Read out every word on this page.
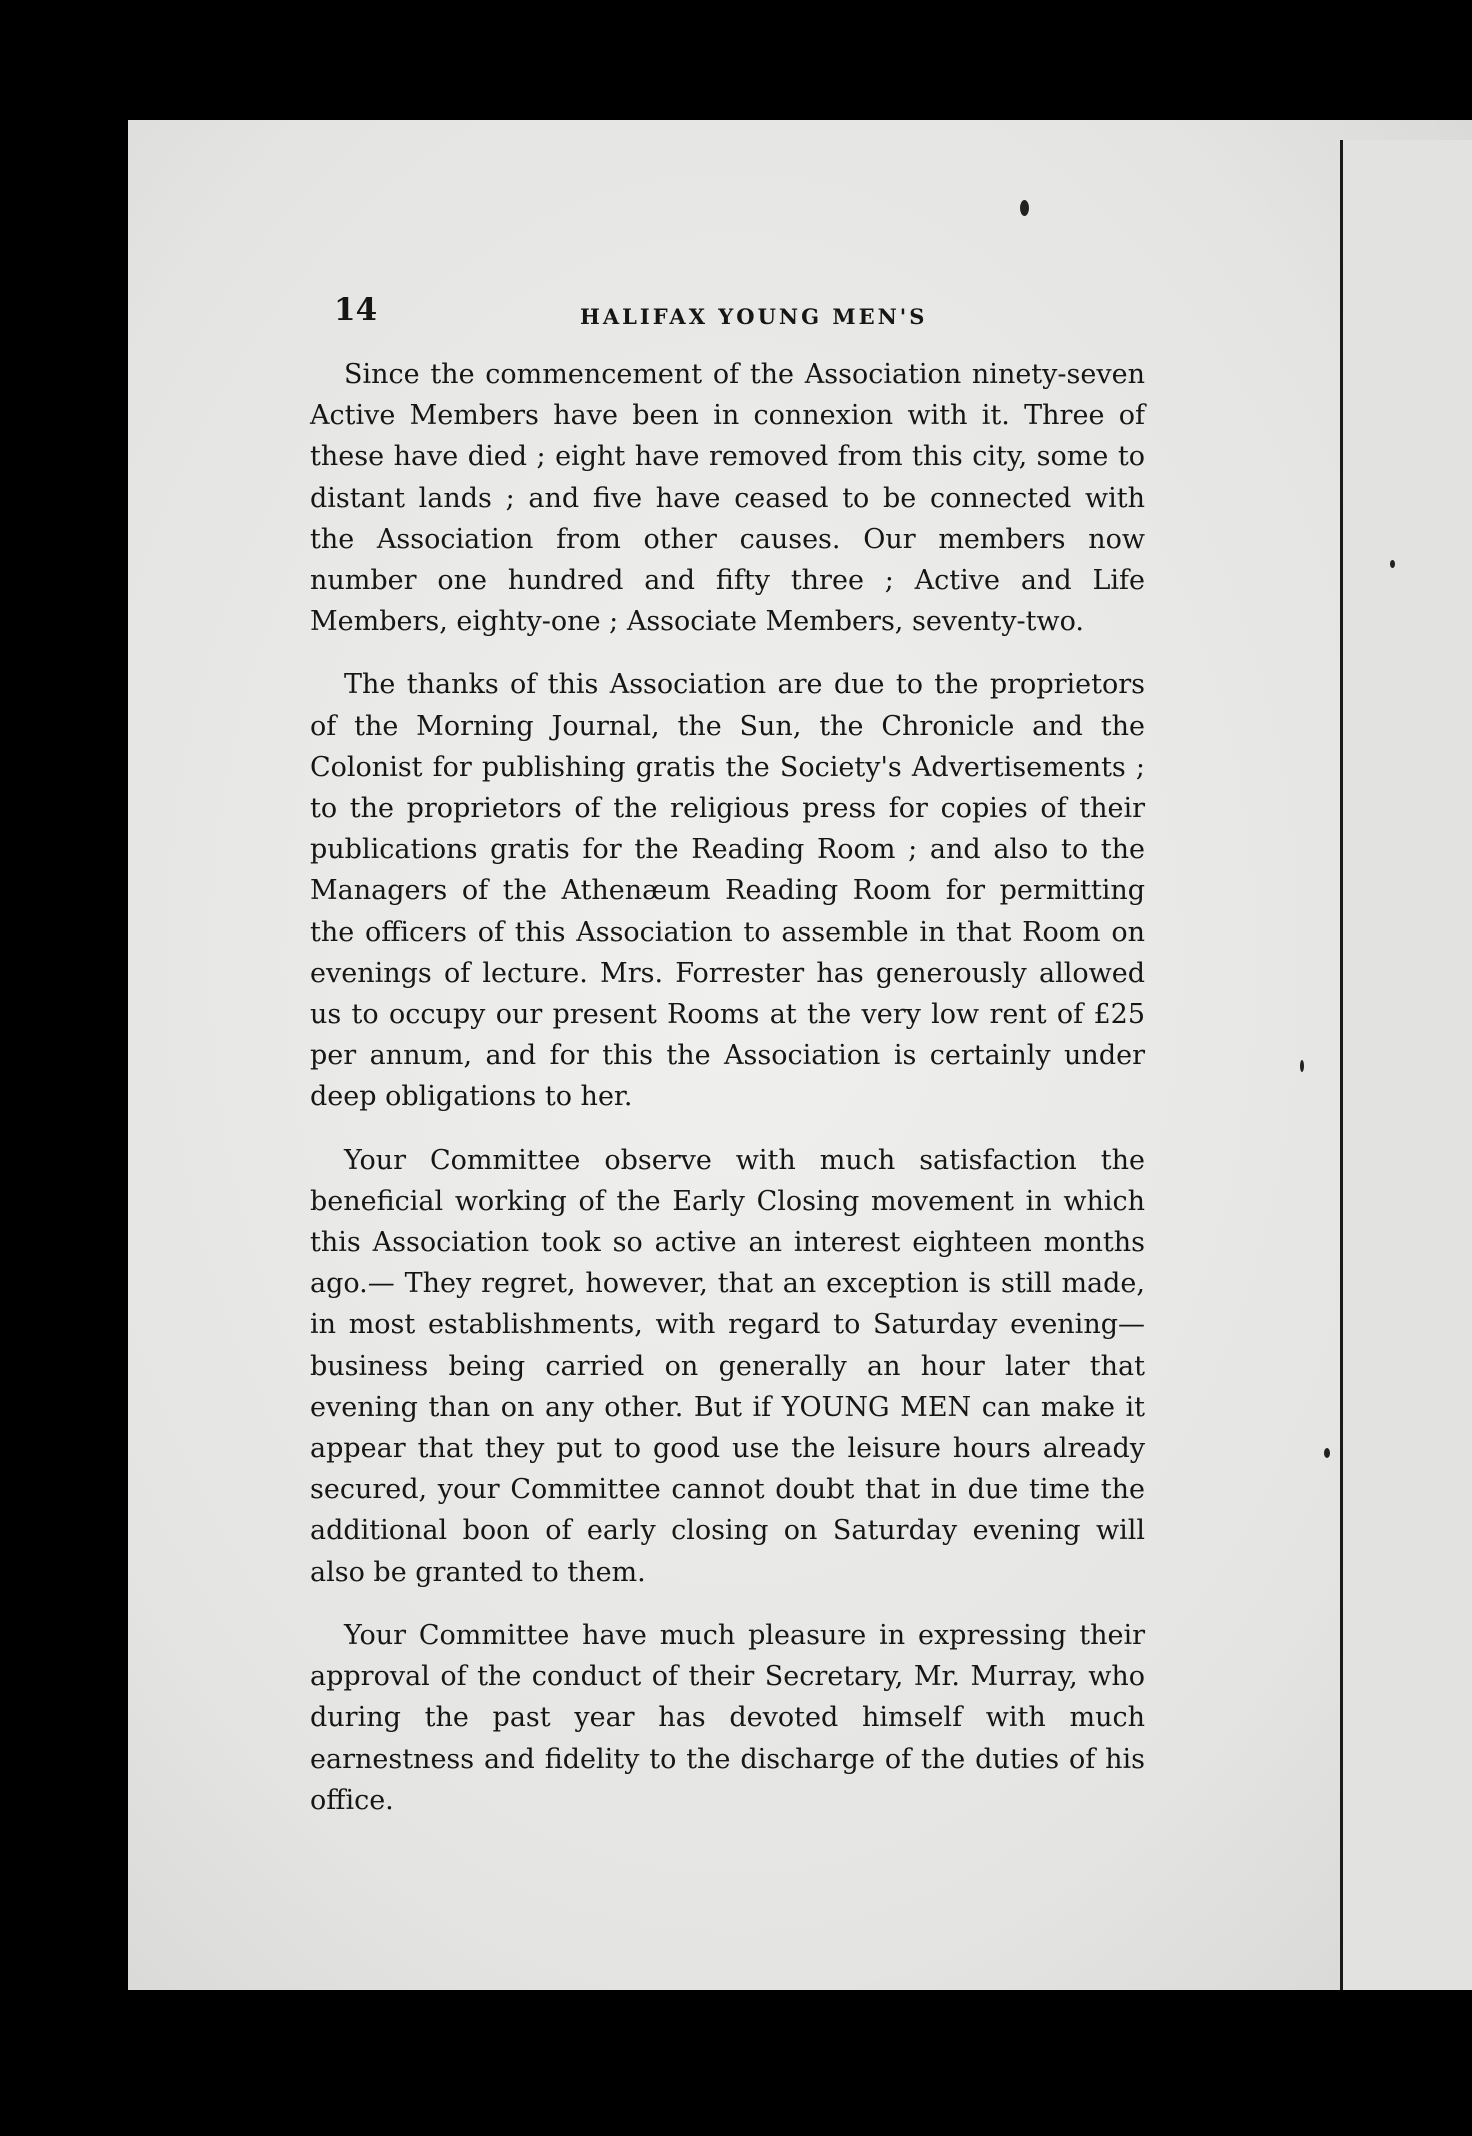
14	HALIFAX YOUNG MEN'S

Since the commencement of the Association ninety-seven Active Members have been in connexion with it. Three of these have died ; eight have removed from this city, some to distant lands ; and five have ceased to be connected with the Association from other causes. Our members now number one hundred and fifty three ; Active and Life Members, eighty-one ; Associate Members, seventy-two.

The thanks of this Association are due to the proprietors of the Morning Journal, the Sun, the Chronicle and the Colonist for publishing gratis the Society's Advertisements ; to the proprietors of the religious press for copies of their publications gratis for the Reading Room ; and also to the Managers of the Athenæum Reading Room for permitting the officers of this Association to assemble in that Room on evenings of lecture. Mrs. Forrester has generously allowed us to occupy our present Rooms at the very low rent of £25 per annum, and for this the Association is certainly under deep obligations to her.

Your Committee observe with much satisfaction the beneficial working of the Early Closing movement in which this Association took so active an interest eighteen months ago.— They regret, however, that an exception is still made, in most establishments, with regard to Saturday evening—business being carried on generally an hour later that evening than on any other. But if YOUNG MEN can make it appear that they put to good use the leisure hours already secured, your Committee cannot doubt that in due time the additional boon of early closing on Saturday evening will also be granted to them.

Your Committee have much pleasure in expressing their approval of the conduct of their Secretary, Mr. Murray, who during the past year has devoted himself with much earnestness and fidelity to the discharge of the duties of his office.
